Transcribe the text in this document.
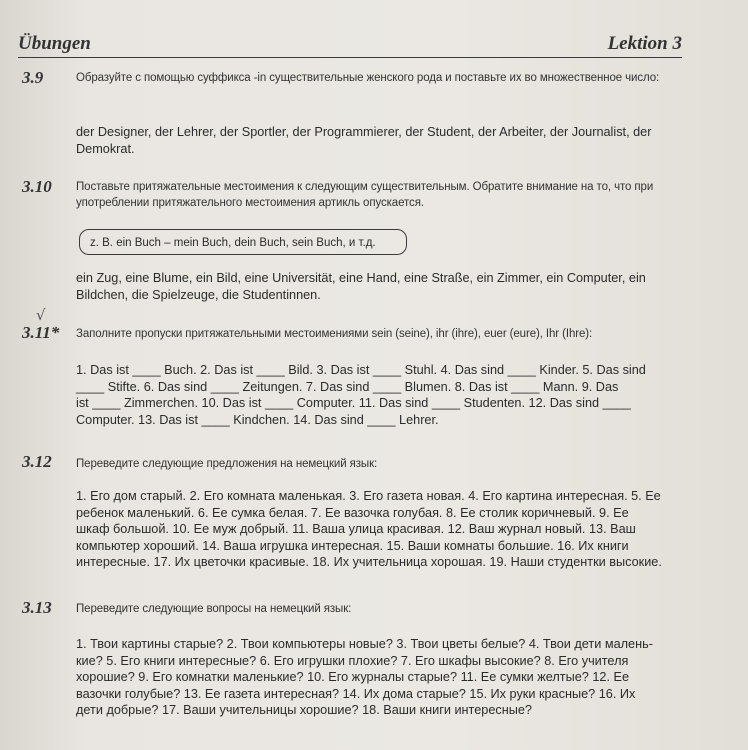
Übungen	Lektion 3
3.9	Образуйте с помощью суффикса -in существительные женского рода и поставьте их во множественное число:
der Designer, der Lehrer, der Sportler, der Programmierer, der Student, der Arbeiter, der Journalist, der Demokrat.
3.10 Поставьте притяжательные местоимения к следующим существительным. Обратите внимание на то, что при употреблении притяжательного местоимения артикль опускается.
z. B. ein Buch – mein Buch, dein Buch, sein Buch, и т.д.
ein Zug, eine Blume, ein Bild, eine Universität, eine Hand, eine Straße, ein Zimmer, ein Computer, ein Bildchen, die Spielzeuge, die Studentinnen.
√
3.11* Заполните пропуски притяжательными местоимениями sein (seine), ihr (ihre), euer (eure), Ihr (Ihre):
1. Das ist ____ Buch. 2. Das ist ____ Bild. 3. Das ist ____ Stuhl. 4. Das sind ____ Kinder. 5. Das sind
____ Stifte. 6. Das sind ____ Zeitungen. 7. Das sind ____ Blumen. 8. Das ist ____ Mann. 9. Das
ist ____ Zimmerchen. 10. Das ist ____ Computer. 11. Das sind ____ Studenten. 12. Das sind ____
Computer. 13. Das ist ____ Kindchen. 14. Das sind ____ Lehrer.
3.12 Переведите следующие предложения на немецкий язык:
1. Его дом старый. 2. Его комната маленькая. 3. Его газета новая. 4. Его картина интересная. 5. Ее
ребенок маленький. 6. Ее сумка белая. 7. Ее вазочка голубая. 8. Ее столик коричневый. 9. Ее
шкаф большой. 10. Ее муж добрый. 11. Ваша улица красивая. 12. Ваш журнал новый. 13. Ваш
компьютер хороший. 14. Ваша игрушка интересная. 15. Ваши комнаты большие. 16. Их книги
интересные. 17. Их цветочки красивые. 18. Их учительница хорошая. 19. Наши студентки высокие.
3.13 Переведите следующие вопросы на немецкий язык:
1. Твои картины старые? 2. Твои компьютеры новые? 3. Твои цветы белые? 4. Твои дети малень-
кие? 5. Его книги интересные? 6. Его игрушки плохие? 7. Его шкафы высокие? 8. Его учителя
хорошие? 9. Его комнатки маленькие? 10. Его журналы старые? 11. Ее сумки желтые? 12. Ее
вазочки голубые? 13. Ее газета интересная? 14. Их дома старые? 15. Их руки красные? 16. Их
дети добрые? 17. Ваши учительницы хорошие? 18. Ваши книги интересные?
